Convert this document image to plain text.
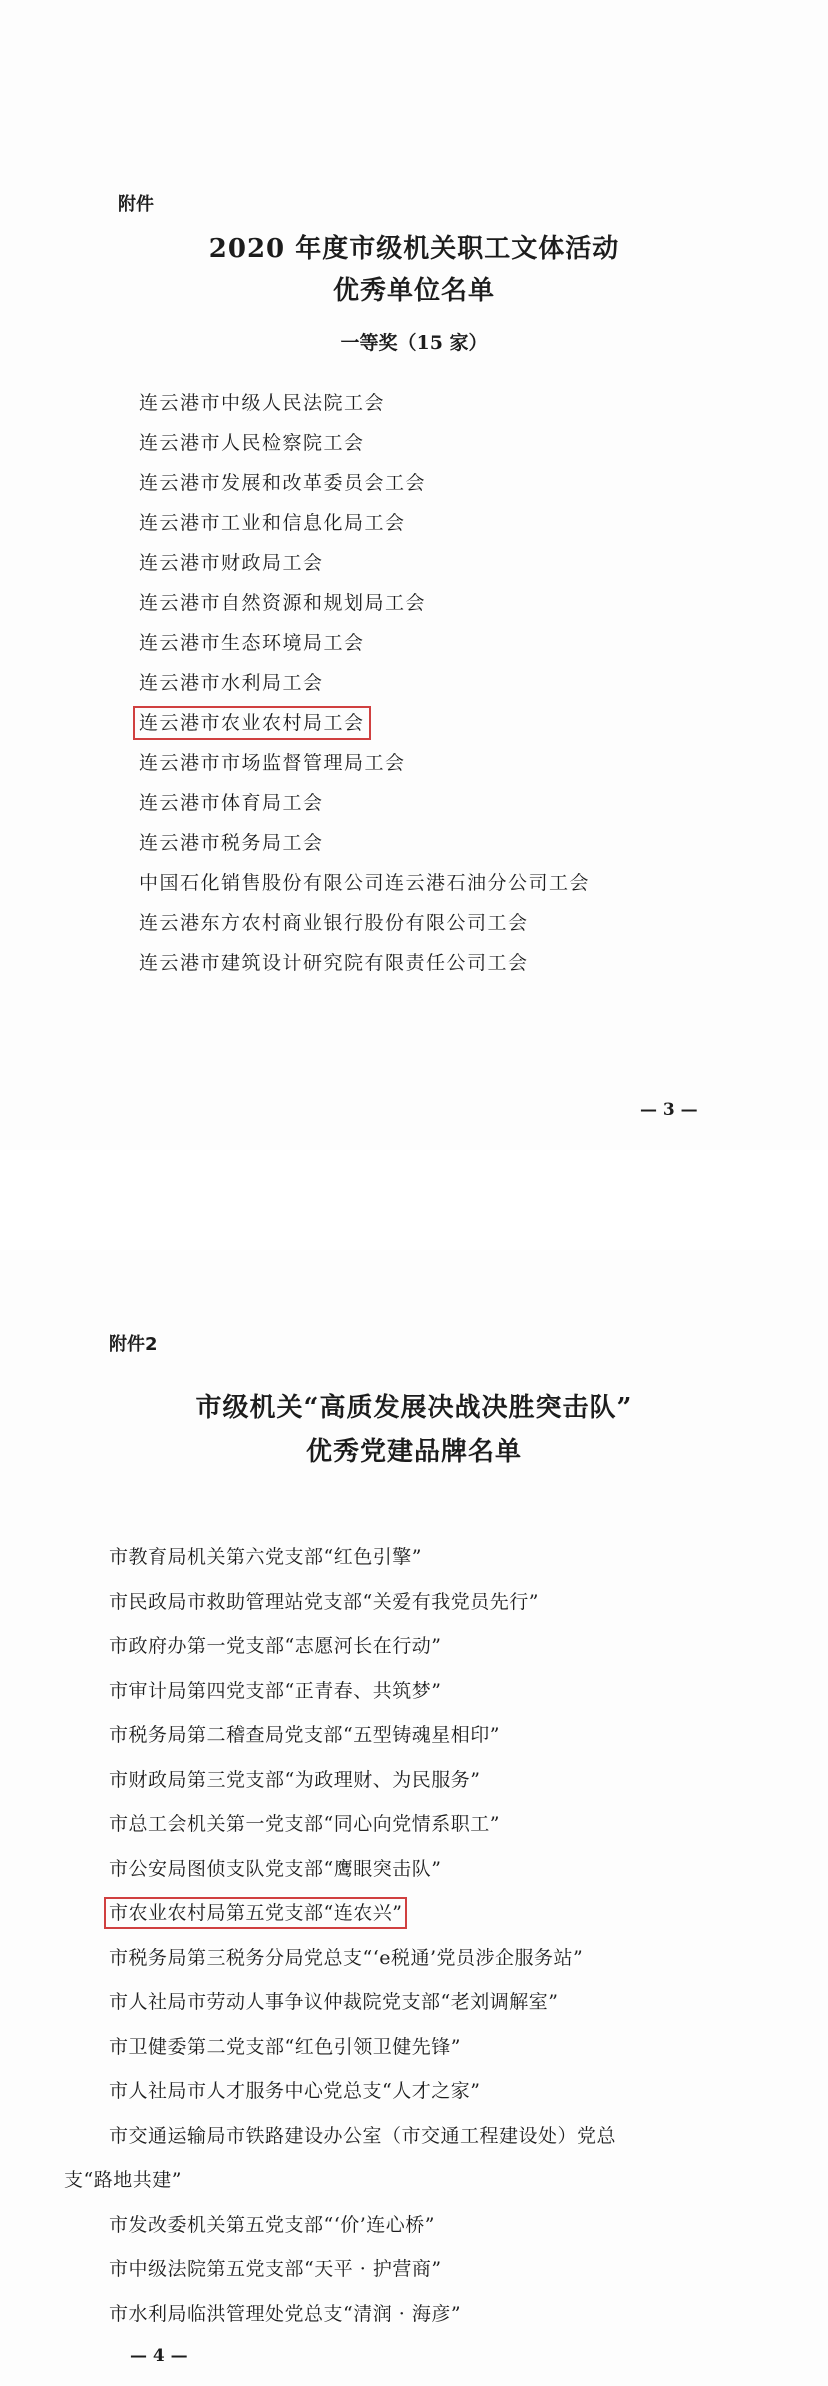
附件
2020 年度市级机关职工文体活动
优秀单位名单
一等奖（15 家）
连云港市中级人民法院工会
连云港市人民检察院工会
连云港市发展和改革委员会工会
连云港市工业和信息化局工会
连云港市财政局工会
连云港市自然资源和规划局工会
连云港市生态环境局工会
连云港市水利局工会
连云港市农业农村局工会
连云港市市场监督管理局工会
连云港市体育局工会
连云港市税务局工会
中国石化销售股份有限公司连云港石油分公司工会
连云港东方农村商业银行股份有限公司工会
连云港市建筑设计研究院有限责任公司工会
— 3 —
附件2
市级机关“高质发展决战决胜突击队”
优秀党建品牌名单
市教育局机关第六党支部“红色引擎”
市民政局市救助管理站党支部“关爱有我党员先行”
市政府办第一党支部“志愿河长在行动”
市审计局第四党支部“正青春、共筑梦”
市税务局第二稽查局党支部“五型铸魂星相印”
市财政局第三党支部“为政理财、为民服务”
市总工会机关第一党支部“同心向党情系职工”
市公安局图侦支队党支部“鹰眼突击队”
市农业农村局第五党支部“连农兴”
市税务局第三税务分局党总支“‘e税通’党员涉企服务站”
市人社局市劳动人事争议仲裁院党支部“老刘调解室”
市卫健委第二党支部“红色引领卫健先锋”
市人社局市人才服务中心党总支“人才之家”
市交通运输局市铁路建设办公室（市交通工程建设处）党总
支“路地共建”
市发改委机关第五党支部“‘价’连心桥”
市中级法院第五党支部“天平 · 护营商”
市水利局临洪管理处党总支“清润 · 海彦”
— 4 —
